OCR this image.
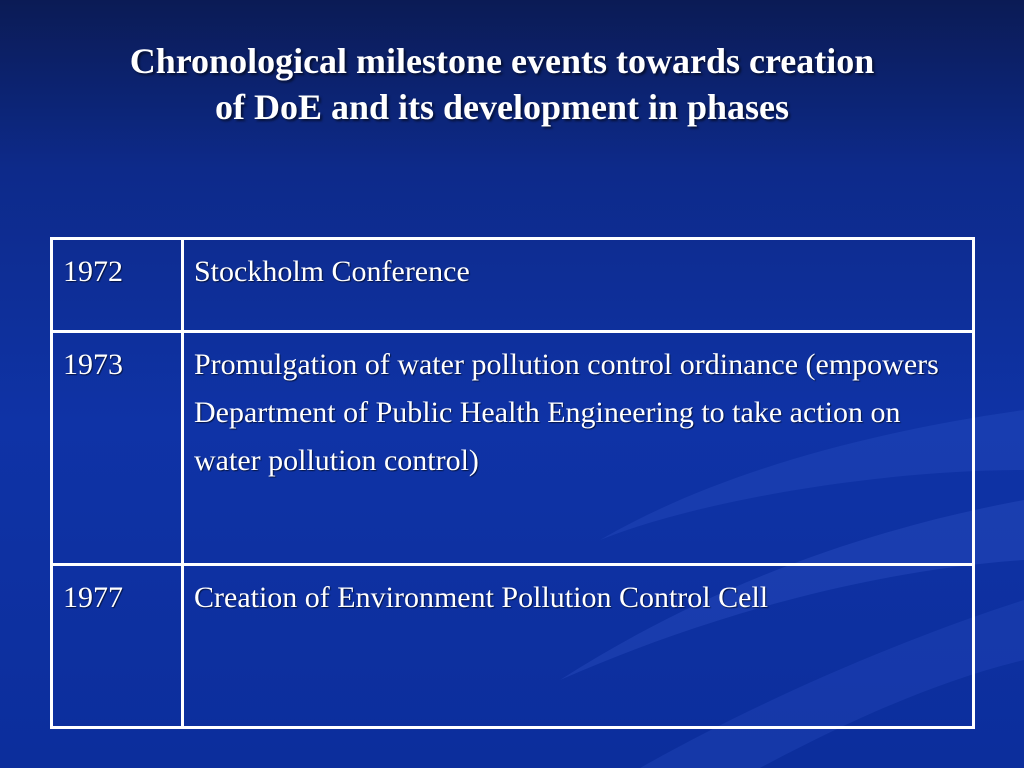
Chronological milestone events towards creation
of DoE and its development in phases
1972	Stockholm Conference
1973	Promulgation of water pollution control ordinance (empowers Department of Public Health Engineering to take action on water pollution control)
1977	Creation of Environment Pollution Control Cell
